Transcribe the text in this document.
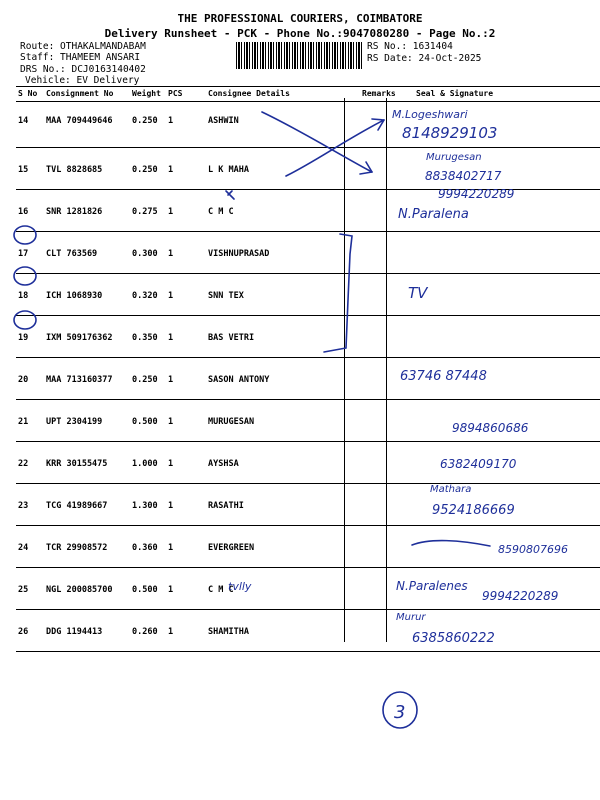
THE PROFESSIONAL COURIERS, COIMBATORE
Delivery Runsheet - PCK - Phone No.:9047080280 - Page No.:2
Route: OTHAKALMANDABAM
Staff: THAMEEM ANSARI
DRS No.: DCJ0163140402
Vehicle: EV Delivery
RS No.: 1631404
RS Date: 24-Oct-2025
S No	Consignment No	Weight	PCS	Consignee Details	Remarks	Seal & Signature
14	MAA 709449646	0.250	1	ASHWIN		
15	TVL 8828685	0.250	1	L K MAHA		
16	SNR 1281826	0.275	1	C M C		
17	CLT 763569	0.300	1	VISHNUPRASAD		
18	ICH 1068930	0.320	1	SNN TEX		
19	IXM 509176362	0.350	1	BAS VETRI		
20	MAA 713160377	0.250	1	SASON ANTONY		
21	UPT 2304199	0.500	1	MURUGESAN		
22	KRR 30155475	1.000	1	AYSHSA		
23	TCG 41989667	1.300	1	RASATHI		
24	TCR 29908572	0.360	1	EVERGREEN		
25	NGL 200085700	0.500	1	C M C		
26	DDG 1194413	0.260	1	SHAMITHA		
M.Logeshwari
8148929103
Murugesan
8838402717
9994220289
N.Paralena
TV
63746 87448
9894860686
6382409170
Mathara
9524186669
8590807696
N.Paralenes
9994220289
tvlly
Murur
6385860222
3
